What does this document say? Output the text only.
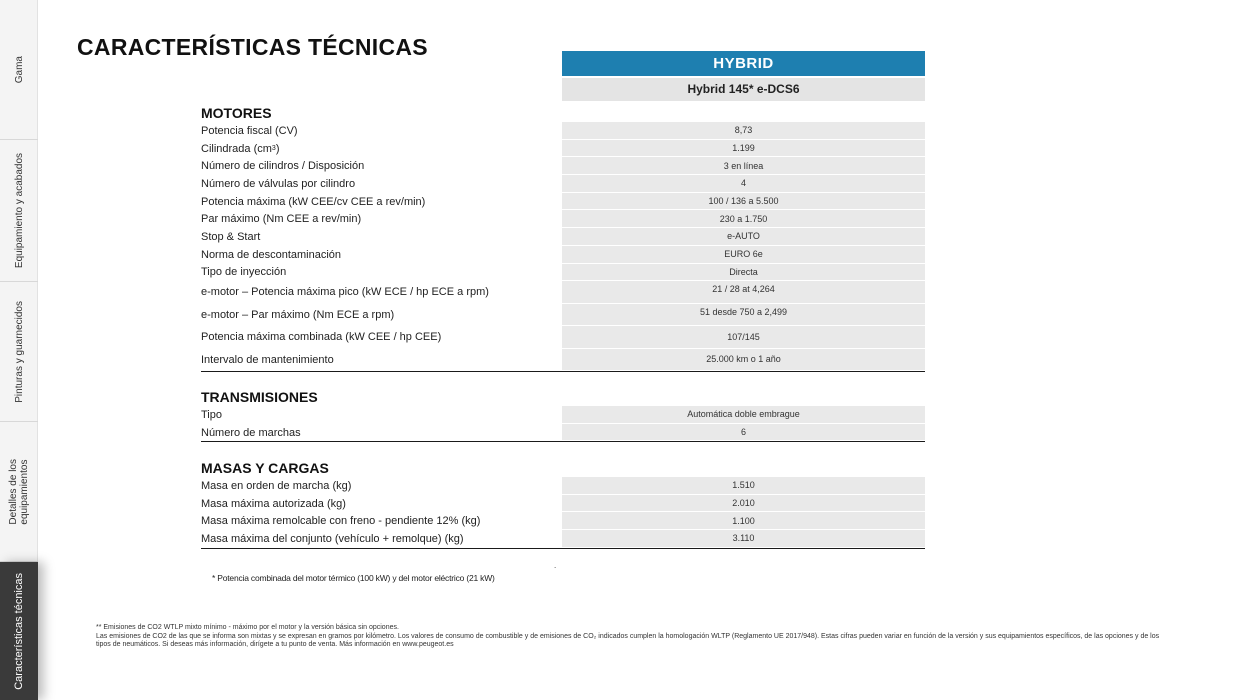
Gama
Equipamiento y acabados
Pinturas y guarnecidos
Detalles de los
equipamientos
Características técnicas
CARACTERÍSTICAS TÉCNICAS
HYBRID
Hybrid 145* e-DCS6
MOTORES
Potencia fiscal (CV)	8,73
Cilindrada (cm 3 )	1.199
Número de cilindros / Disposición	3 en línea
Número de válvulas por cilindro	4
Potencia máxima (kW CEE/cv CEE a rev/min)	100 / 136 a 5.500
Par máximo (Nm CEE a rev/min)	230 a 1.750
Stop & Start	e-AUTO
Norma de descontaminación	EURO 6e
Tipo de inyección	Directa
e-motor – Potencia máxima pico (kW ECE / hp ECE a rpm)	21 / 28 at 4,264
e-motor – Par máximo (Nm ECE a rpm)	51 desde 750 a 2,499
Potencia máxima combinada (kW CEE / hp CEE)	107/145
Intervalo de mantenimiento	25.000 km o 1 año
TRANSMISIONES
Tipo	Automática doble embrague
Número de marchas	6
MASAS Y CARGAS
Masa en orden de marcha (kg)	1.510
Masa máxima autorizada (kg)	2.010
Masa máxima remolcable con freno - pendiente 12% (kg)	1.100
Masa máxima del conjunto (vehículo + remolque) (kg)	3.110
.
* Potencia combinada del motor térmico (100 kW) y del motor eléctrico (21 kW)
** Emisiones de CO2 WTLP mixto mínimo - máximo por el motor y la versión básica sin opciones.
Las emisiones de CO2 de las que se informa son mixtas y se expresan en gramos por kilómetro. Los valores de consumo de combustible y de emisiones de CO₂ indicados cumplen la homologación WLTP (Reglamento UE 2017/948). Estas cifras pueden variar en función de la versión y sus equipamientos específicos, de las opciones y de los tipos de neumáticos. Si deseas más información, dirígete a tu punto de venta. Más información en www.peugeot.es
